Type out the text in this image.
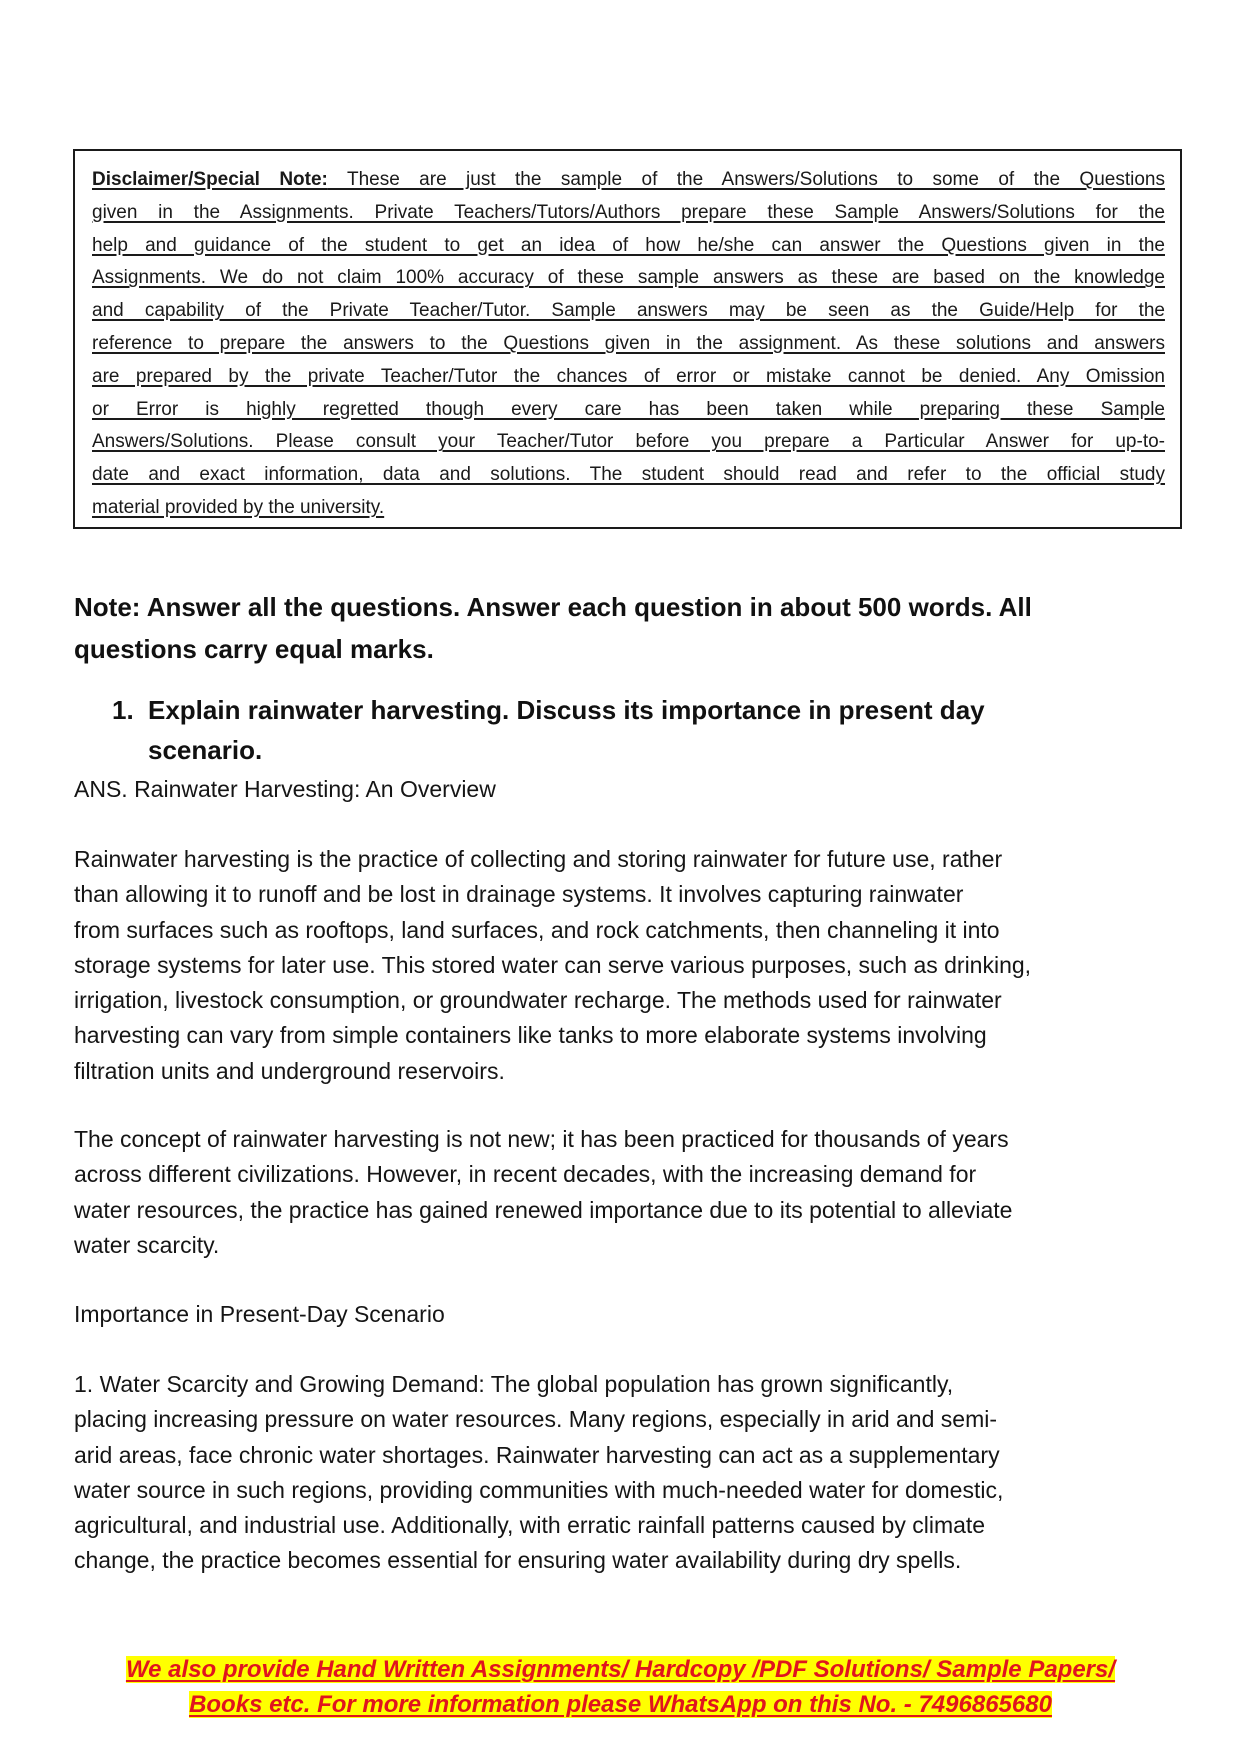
Disclaimer/Special Note: These are just the sample of the Answers/Solutions to some of the Questions
given in the Assignments. Private Teachers/Tutors/Authors prepare these Sample Answers/Solutions for the
help and guidance of the student to get an idea of how he/she can answer the Questions given in the
Assignments. We do not claim 100% accuracy of these sample answers as these are based on the knowledge
and capability of the Private Teacher/Tutor. Sample answers may be seen as the Guide/Help for the
reference to prepare the answers to the Questions given in the assignment. As these solutions and answers
are prepared by the private Teacher/Tutor the chances of error or mistake cannot be denied. Any Omission
or Error is highly regretted though every care has been taken while preparing these Sample
Answers/Solutions. Please consult your Teacher/Tutor before you prepare a Particular Answer for up-to-
date and exact information, data and solutions. The student should read and refer to the official study
material provided by the university.
Note: Answer all the questions. Answer each question in about 500 words. All
questions carry equal marks.
1. Explain rainwater harvesting. Discuss its importance in present day
scenario.
ANS. Rainwater Harvesting: An Overview
Rainwater harvesting is the practice of collecting and storing rainwater for future use, rather
than allowing it to runoff and be lost in drainage systems. It involves capturing rainwater
from surfaces such as rooftops, land surfaces, and rock catchments, then channeling it into
storage systems for later use. This stored water can serve various purposes, such as drinking,
irrigation, livestock consumption, or groundwater recharge. The methods used for rainwater
harvesting can vary from simple containers like tanks to more elaborate systems involving
filtration units and underground reservoirs.
The concept of rainwater harvesting is not new; it has been practiced for thousands of years
across different civilizations. However, in recent decades, with the increasing demand for
water resources, the practice has gained renewed importance due to its potential to alleviate
water scarcity.
Importance in Present-Day Scenario
1. Water Scarcity and Growing Demand: The global population has grown significantly,
placing increasing pressure on water resources. Many regions, especially in arid and semi-
arid areas, face chronic water shortages. Rainwater harvesting can act as a supplementary
water source in such regions, providing communities with much-needed water for domestic,
agricultural, and industrial use. Additionally, with erratic rainfall patterns caused by climate
change, the practice becomes essential for ensuring water availability during dry spells.
We also provide Hand Written Assignments/ Hardcopy /PDF Solutions/ Sample Papers/
Books etc. For more information please WhatsApp on this No. - 7496865680
